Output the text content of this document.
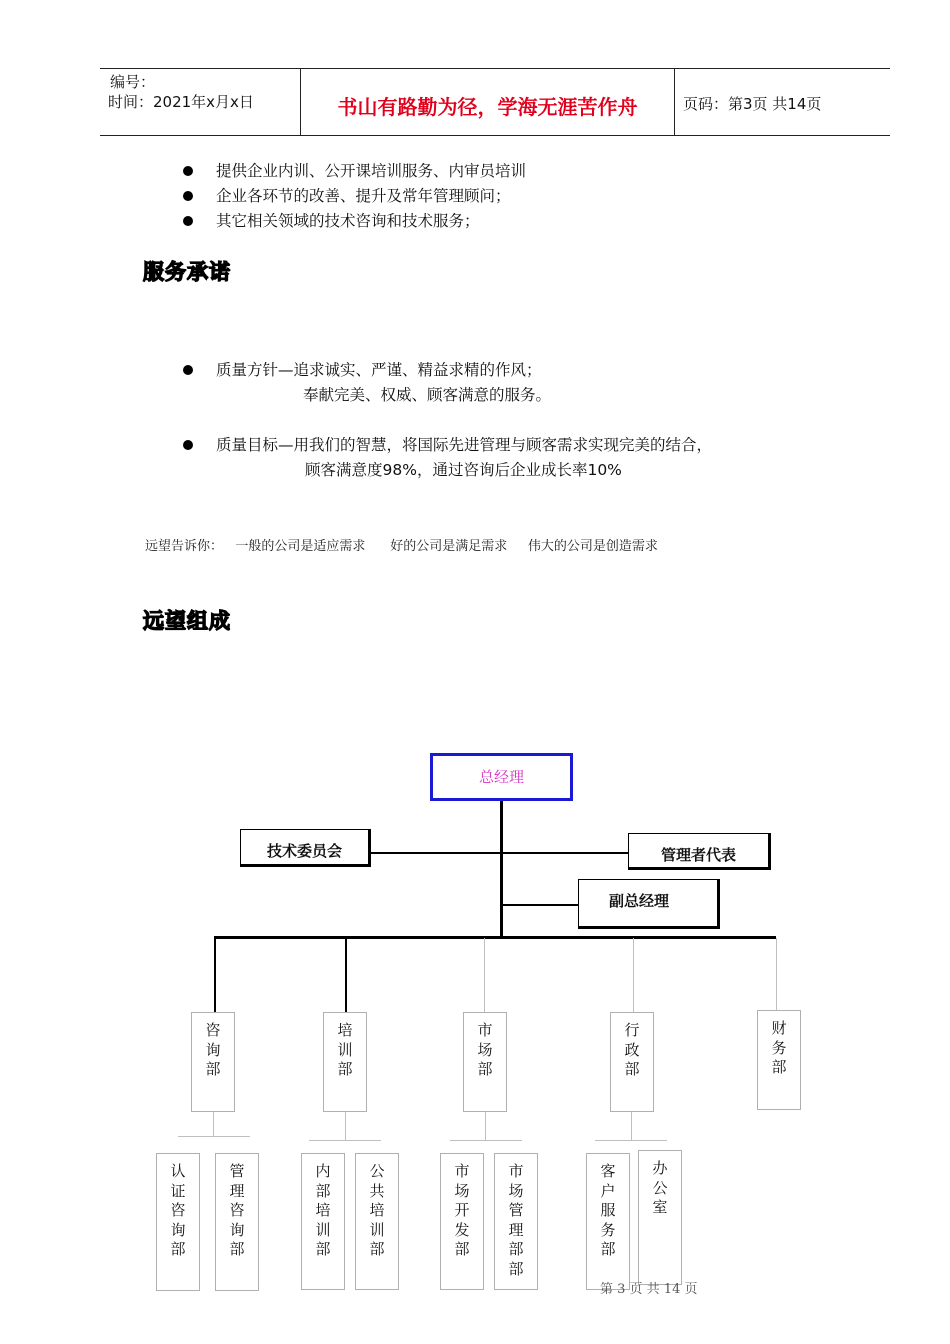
编号：
时间：2021年x月x日	书山有路勤为径，学海无涯苦作舟	页码：第3页 共14页
提供企业内训、公开课培训服务、内审员培训
企业各环节的改善、提升及常年管理顾问；
其它相关领域的技术咨询和技术服务；
服务承诺
质量方针—追求诚实、严谨、精益求精的作风；
奉献完美、权威、顾客满意的服务。
质量目标—用我们的智慧，将国际先进管理与顾客需求实现完美的结合，
顾客满意度98%，通过咨询后企业成长率10%
远望告诉你：   一般的公司是适应需求      好的公司是满足需求     伟大的公司是创造需求
远望组成
总经理
技术委员会	管理者代表
副总经理
咨询部
培训部
市场部
行政部
财务部
认证咨询部
管理咨询部
内部培训部
公共培训部
市场开发部
市场管理部部
客户服务部
办公室
第 3 页 共 14 页
